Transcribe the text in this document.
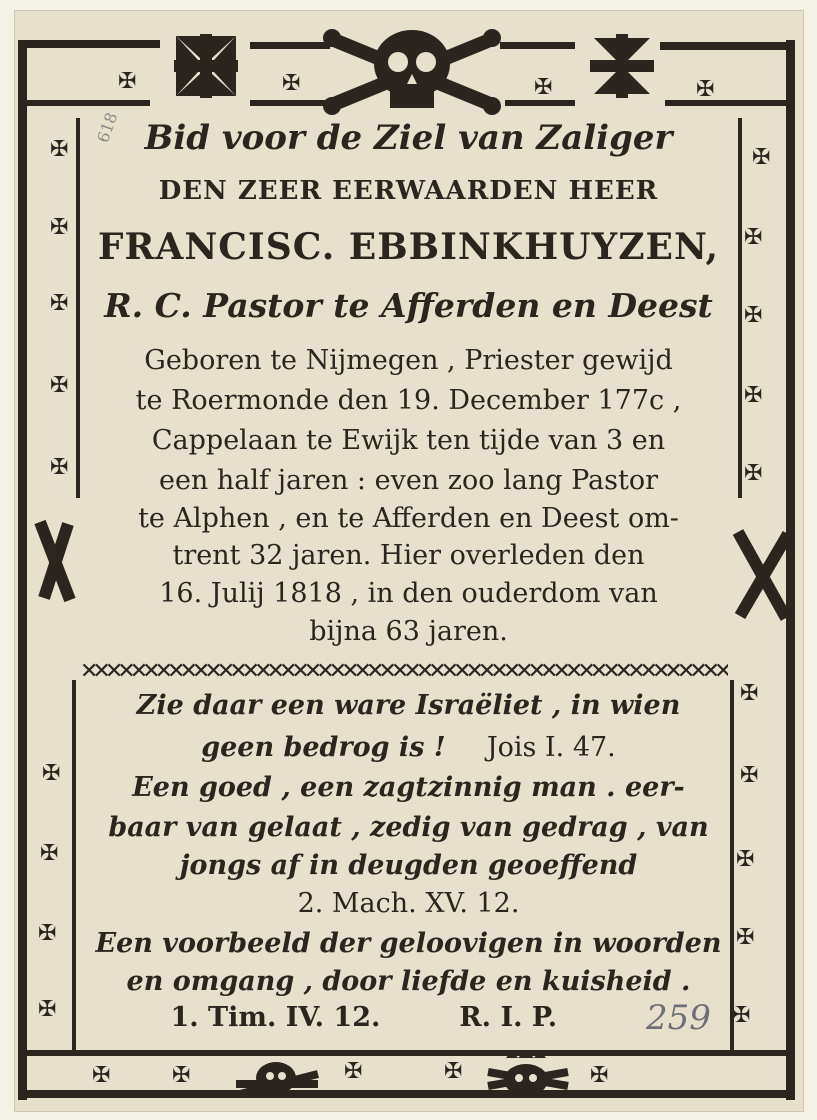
✠	✠	✠	✠
✠
✠
✠
✠
✠
✠
✠
✠
✠
✠
✠
✠
✠
✠
✠
✠
✠
✠
✠
✠	✠	✠	✠	✠
618 Bid voor de Ziel van Zaliger
DEN ZEER EERWAARDEN HEER
FRANCISC. EBBINKHUYZEN,
R. C. Pastor te Afferden en Deest
Geboren te Nijmegen , Priester gewijd
te Roermonde den 19. December 177c ,
Cappelaan te Ewijk ten tijde van 3 en
een half jaren : even zoo lang Pastor
te Alphen , en te Afferden en Deest om-
trent 32 jaren. Hier overleden den
16. Julij 1818 , in den ouderdom van
bijna 63 jaren.
✕✕✕✕✕✕✕✕✕✕✕✕✕✕✕✕✕✕✕✕✕✕✕✕✕✕✕✕✕✕✕✕✕✕✕✕✕✕✕✕✕✕✕✕✕✕✕✕✕✕✕✕
Zie daar een ware Israëliet , in wien
geen bedrog is ! Jois I. 47.
Een goed , een zagtzinnig man . eer-
baar van gelaat , zedig van gedrag , van
jongs af in deugden geoeffend
2. Mach. XV. 12.
Een voorbeeld der geloovigen in woorden
en omgang , door liefde en kuisheid .
1. Tim. IV. 12.	R. I. P.	259
